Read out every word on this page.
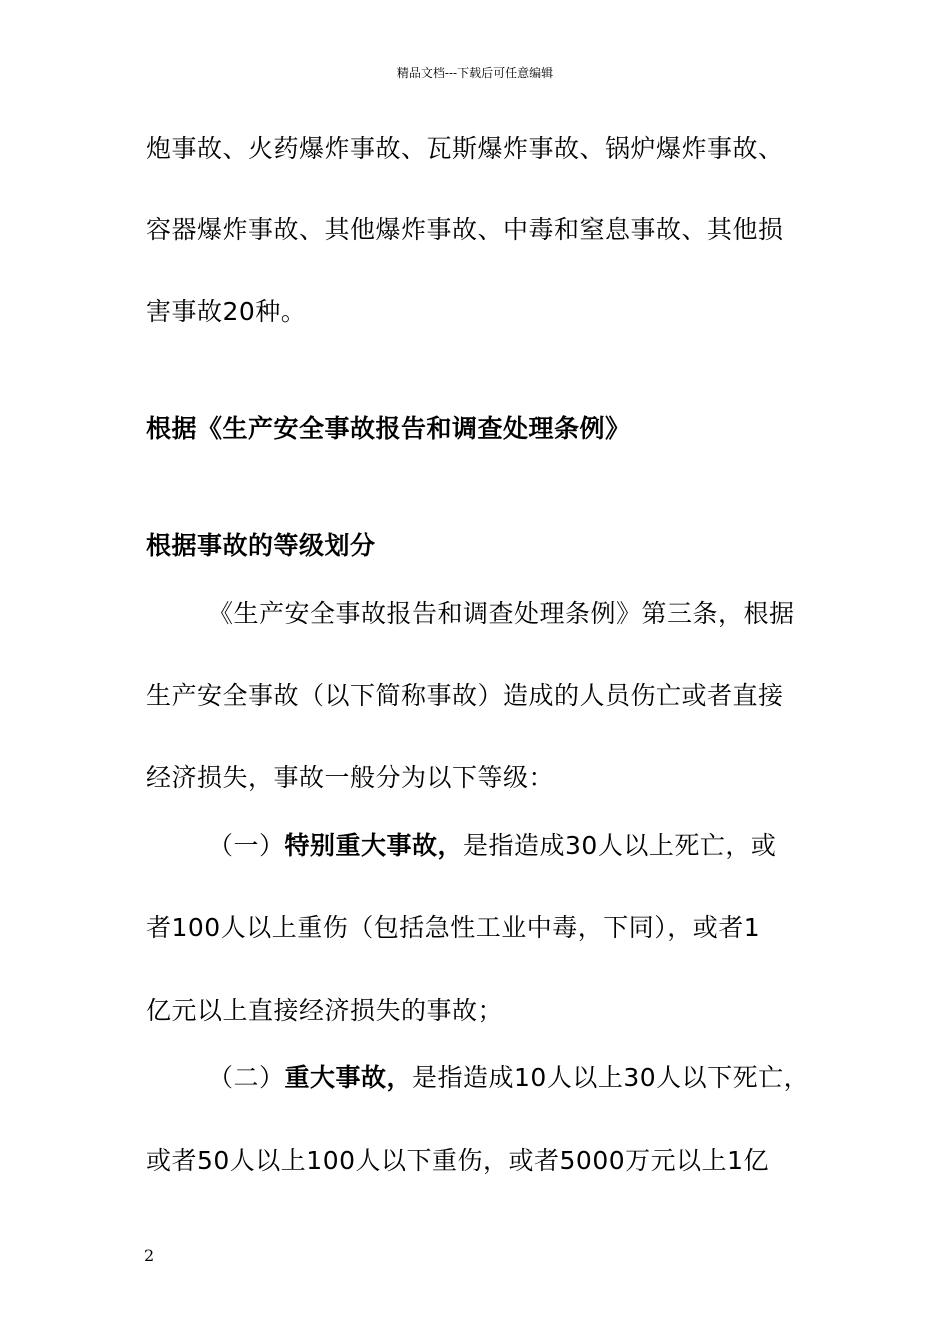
精品文档---下载后可任意编辑
炮事故、火药爆炸事故、瓦斯爆炸事故、锅炉爆炸事故、
容器爆炸事故、其他爆炸事故、中毒和窒息事故、其他损
害事故20种。
根据《生产安全事故报告和调查处理条例》
根据事故的等级划分
《生产安全事故报告和调查处理条例》第三条，根据
生产安全事故（以下简称事故）造成的人员伤亡或者直接
经济损失，事故一般分为以下等级：
（一）特别重大事故，是指造成30人以上死亡，或
者100人以上重伤（包括急性工业中毒，下同），或者1
亿元以上直接经济损失的事故；
（二）重大事故，是指造成10人以上30人以下死亡，
或者50人以上100人以下重伤，或者5000万元以上1亿
2
